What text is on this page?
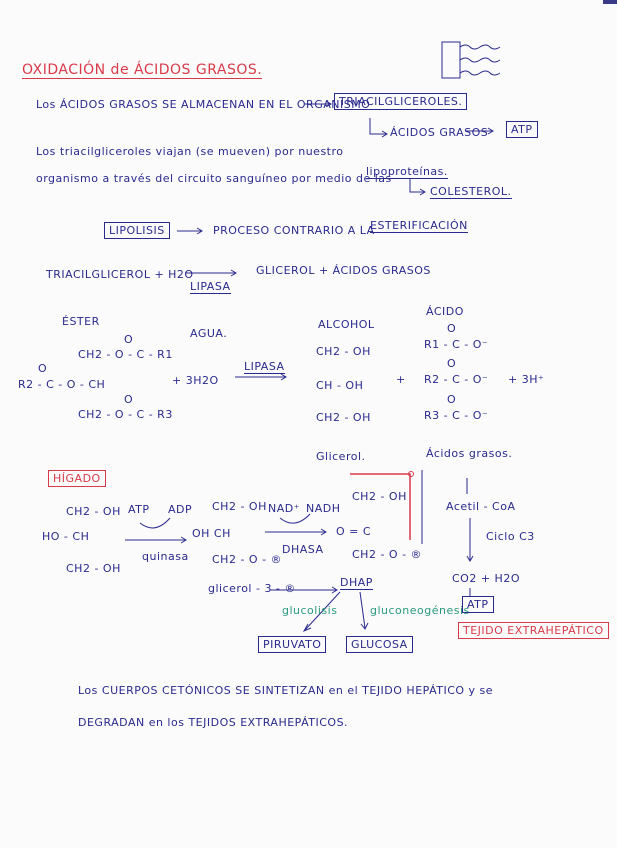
OXIDACIÓN de ÁCIDOS GRASOS.
Los ÁCIDOS GRASOS SE ALMACENAN EN EL ORGANISMO
TRIACILGLICEROLES.
ÁCIDOS GRASOS	ATP
Los triacilgliceroles viajan (se mueven) por nuestro
organismo a través del circuito sanguíneo por medio de las
lipoproteínas.
COLESTEROL.
LIPOLISIS	PROCESO CONTRARIO A LA
ESTERIFICACIÓN
TRIACILGLICEROL + H2O	GLICEROL + ÁCIDOS GRASOS
LIPASA
ÉSTER
AGUA.
ALCOHOL
ÁCIDO
O
CH2 - O - C - R1
O
R2 - C - O - CH
O
CH2 - O - C - R3
+ 3H2O
LIPASA
CH2 - OH
CH - OH
CH2 - OH
+
O
R1 - C - O⁻
O
R2 - C - O⁻ + 3H⁺
O
R3 - C - O⁻
Glicerol.	Ácidos grasos.
HÍGADO
CH2 - OH
HO - CH
CH2 - OH
ATP ADP
quinasa
CH2 - OH
OH CH
CH2 - O - ®
NAD⁺ NADH
DHASA
CH2 - OH
O = C
CH2 - O - ®
glicerol - 3 - ®	DHAP
glucolisis	gluconeogénesis
PIRUVATO	GLUCOSA
Acetil - CoA
Ciclo C3
CO2 + H2O
ATP
TEJIDO EXTRAHEPÁTICO
Los CUERPOS CETÓNICOS SE SINTETIZAN en el TEJIDO HEPÁTICO y se
DEGRADAN en los TEJIDOS EXTRAHEPÁTICOS.
